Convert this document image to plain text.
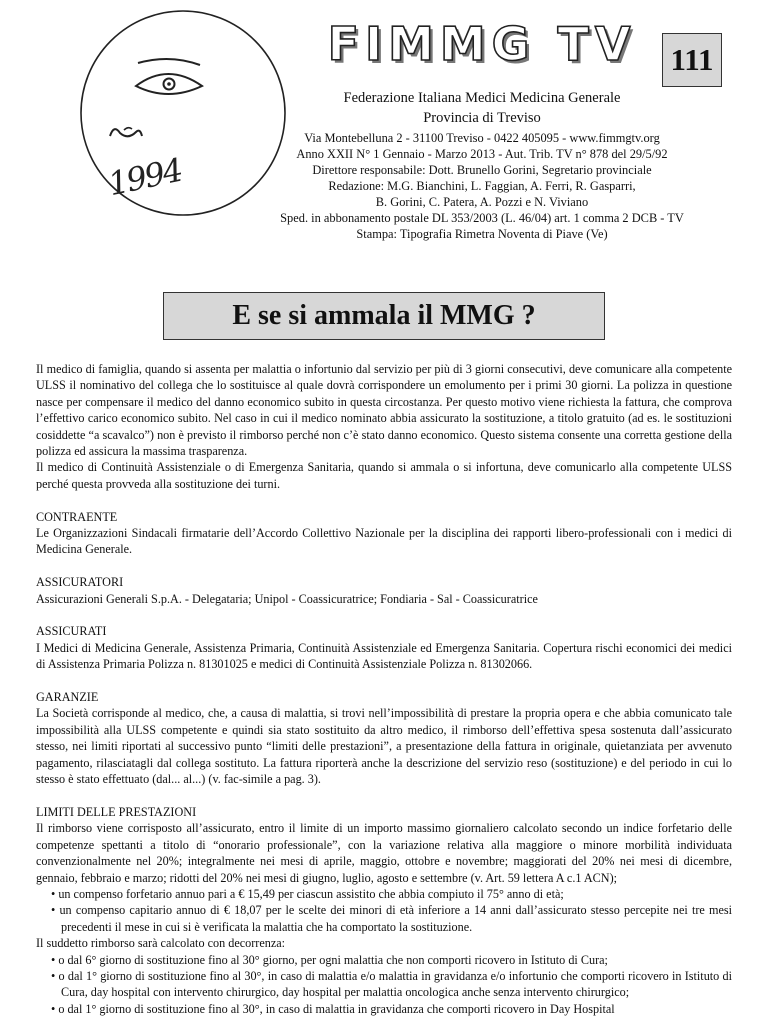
1994
FIMMG TV	111
Federazione Italiana Medici Medicina Generale
Provincia di Treviso
Via Montebelluna 2 - 31100 Treviso - 0422 405095 - www.fimmgtv.org
Anno XXII N° 1 Gennaio - Marzo 2013 - Aut. Trib. TV n° 878 del 29/5/92
Direttore responsabile: Dott. Brunello Gorini, Segretario provinciale
Redazione: M.G. Bianchini, L. Faggian, A. Ferri, R. Gasparri,
B. Gorini, C. Patera, A. Pozzi e N. Viviano
Sped. in abbonamento postale DL 353/2003 (L. 46/04) art. 1 comma 2 DCB - TV
Stampa: Tipografia Rimetra Noventa di Piave (Ve)
E se si ammala il MMG ?

Il medico di famiglia, quando si assenta per malattia o infortunio dal servizio per più di 3 giorni consecutivi, deve comunicare alla competente ULSS il nominativo del collega che lo sostituisce al quale dovrà corrispondere un emolumento per i primi 30 giorni. La polizza in questione nasce per compensare il medico del danno economico subito in questa circostanza. Per questo motivo viene richiesta la fattura, che comprova l’effettivo carico economico subito. Nel caso in cui il medico nominato abbia assicurato la sostituzione, a titolo gratuito (ad es. le sostituzioni cosiddette “a scavalco”) non è previsto il rimborso perché non c’è stato danno economico. Questo sistema consente una corretta gestione della polizza ed assicura la massima trasparenza.

Il medico di Continuità Assistenziale o di Emergenza Sanitaria, quando si ammala o si infortuna, deve comunicarlo alla competente ULSS perché questa provveda alla sostituzione dei turni.

CONTRAENTE

Le Organizzazioni Sindacali firmatarie dell’Accordo Collettivo Nazionale per la disciplina dei rapporti libero-professionali con i medici di Medicina Generale.

ASSICURATORI

Assicurazioni Generali S.p.A. - Delegataria; Unipol - Coassicuratrice; Fondiaria - Sal - Coassicuratrice

ASSICURATI

I Medici di Medicina Generale, Assistenza Primaria, Continuità Assistenziale ed Emergenza Sanitaria. Copertura rischi economici dei medici di Assistenza Primaria Polizza n. 81301025 e medici di Continuità Assistenziale Polizza n. 81302066.

GARANZIE

La Società corrisponde al medico, che, a causa di malattia, si trovi nell’impossibilità di prestare la propria opera e che abbia comunicato tale impossibilità alla ULSS competente e quindi sia stato sostituito da altro medico, il rimborso dell’effettiva spesa sostenuta dall’assicurato stesso, nei limiti riportati al successivo punto “limiti delle prestazioni”, a presentazione della fattura in originale, quietanziata per avvenuto pagamento, rilasciatagli dal collega sostituto. La fattura riporterà anche la descrizione del servizio reso (sostituzione) e del periodo in cui lo stesso è stato effettuato (dal... al...) (v. fac-simile a pag. 3).

LIMITI DELLE PRESTAZIONI

Il rimborso viene corrisposto all’assicurato, entro il limite di un importo massimo giornaliero calcolato secondo un indice forfetario delle competenze spettanti a titolo di “onorario professionale”, con la variazione relativa alla maggiore o minore morbilità individuata convenzionalmente nel 20%; integralmente nei mesi di aprile, maggio, ottobre e novembre; maggiorati del 20% nei mesi di dicembre, gennaio, febbraio e marzo; ridotti del 20% nei mesi di giugno, luglio, agosto e settembre (v. Art. 59 lettera A c.1 ACN);

• un compenso forfetario annuo pari a € 15,49 per ciascun assistito che abbia compiuto il 75° anno di età;

• un compenso capitario annuo di € 18,07 per le scelte dei minori di età inferiore a 14 anni dall’assicurato stesso percepite nei tre mesi precedenti il mese in cui si è verificata la malattia che ha comportato la sostituzione.

Il suddetto rimborso sarà calcolato con decorrenza:

• o dal 6° giorno di sostituzione fino al 30° giorno, per ogni malattia che non comporti ricovero in Istituto di Cura;

• o dal 1° giorno di sostituzione fino al 30°, in caso di malattia e/o malattia in gravidanza e/o infortunio che comporti ricovero in Istituto di Cura, day hospital con intervento chirurgico, day hospital per malattia oncologica anche senza intervento chirurgico;

• o dal 1° giorno di sostituzione fino al 30°, in caso di malattia in gravidanza che comporti ricovero in Day Hospital
